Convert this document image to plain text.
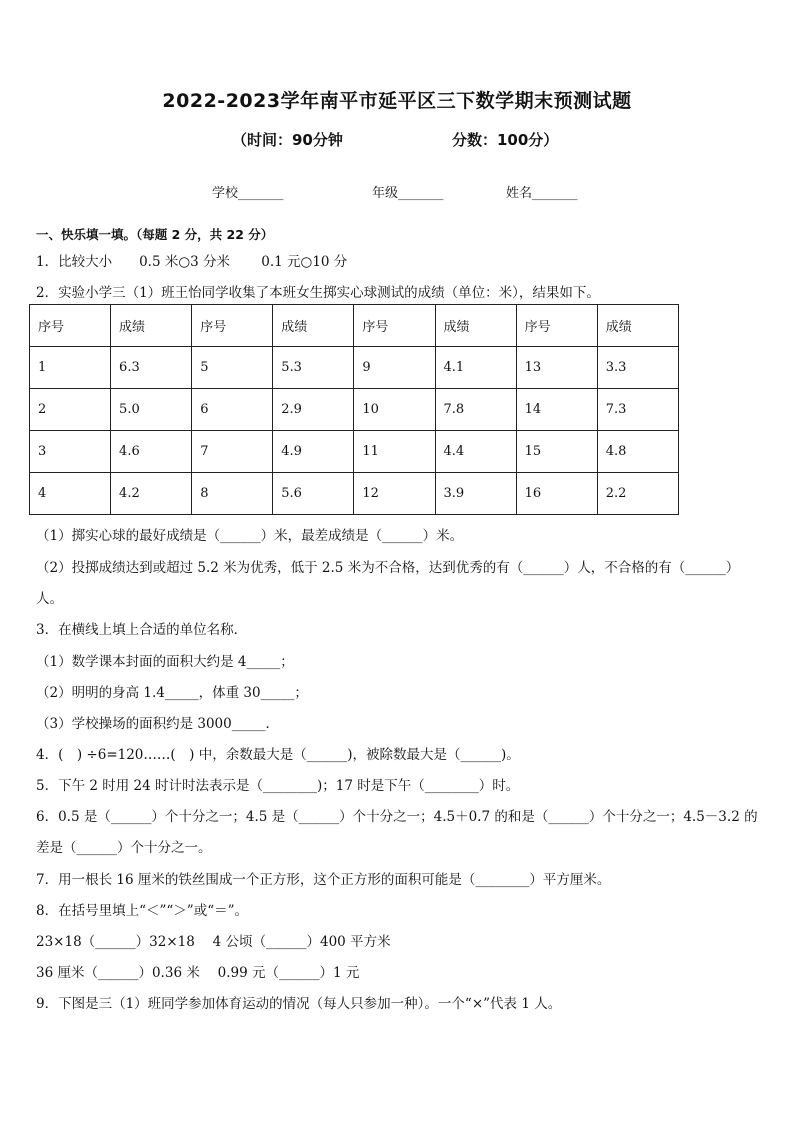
2022-2023学年南平市延平区三下数学期末预测试题
（时间：90分钟	分数：100分）
学校_______	年级_______	姓名_______
一、快乐填一填。（每题 2 分，共 22 分）
1．比较大小　　0.5 米○3 分米　　 0.1 元○10 分
2．实验小学三（1）班王怡同学收集了本班女生掷实心球测试的成绩（单位：米），结果如下。
序号	成绩	序号	成绩	序号	成绩	序号	成绩
1	6.3	5	5.3	9	4.1	13	3.3
2	5.0	6	2.9	10	7.8	14	7.3
3	4.6	7	4.9	11	4.4	15	4.8
4	4.2	8	5.6	12	3.9	16	2.2
（1）掷实心球的最好成绩是（______）米，最差成绩是（______）米。
（2）投掷成绩达到或超过 5.2 米为优秀，低于 2.5 米为不合格，达到优秀的有（______）人，不合格的有（______）
人。
3．在横线上填上合适的单位名称．
（1）数学课本封面的面积大约是 4_____；
（2）明明的身高 1.4_____，体重 30_____；
（3）学校操场的面积约是 3000_____．
4．(　) ÷6=120……(　) 中，余数最大是（______)，被除数最大是（______)。
5．下午 2 时用 24 时计时法表示是（________)；17 时是下午（________）时。
6．0.5 是（______）个十分之一；4.5 是（______）个十分之一；4.5＋0.7 的和是（______）个十分之一；4.5－3.2 的
差是（______）个十分之一。
7．用一根长 16 厘米的铁丝围成一个正方形，这个正方形的面积可能是（________）平方厘米。
8．在括号里填上“＜”“＞”或“＝”。
23×18（______）32×18　 4 公顷（______）400 平方米
36 厘米（______）0.36 米　 0.99 元（______）1 元
9．下图是三（1）班同学参加体育运动的情况（每人只参加一种）。一个“×”代表 1 人。
